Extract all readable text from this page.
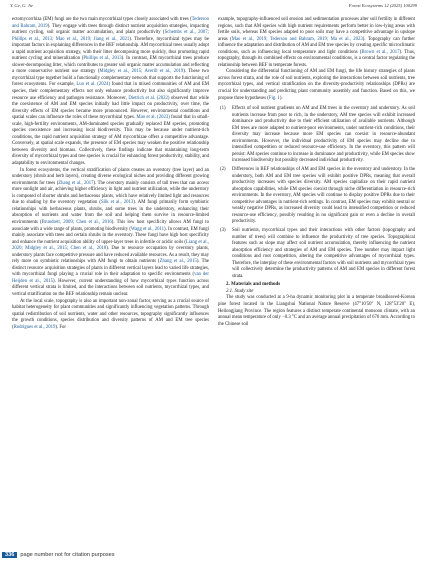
Y. Ge, G. Jie	Forest Ecosystems 12 (2025) 100299

ectomycorrhiza (EM) fungi are the two main mycorrhizal types closely associated with trees (Tedersoo and Bahram, 2019). They engage with trees through distinct nutrient acquisition strategies, impacting nutrient cycling, soil organic matter accumulation, and plant productivity (Schembs et al., 2007; Phillips et al., 2013; Mao et al., 2019; Jiang et al., 2021). Therefore, mycorrhizal types may be important factors in explaining differences in the BEF relationship. AM mycorrhizal trees usually adopt a rapid nutrient acquisition strategy, with their litter decomposing more quickly, thus promoting rapid nutrient cycling and mineralization (Phillips et al., 2013). In contrast, EM mycorrhizal trees produce slower-decomposing litter, which contributes to greater soil organic matter accumulation and reflecting a more conservative nutrient use strategy (Midgley et al., 2015; Averill et al., 2019). These two mycorrhizal type together build a functionally complementary network that supports the functioning of forest ecosystems. For example, Luo et al. (2024) found that in mixed communities of AM and EM species, their complementary effects not only enhance productivity but also significantly improve resource use efficiency and pathogen resistance. Moreover, Dietrich et al. (2022) observed that while the coexistence of AM and EM species initially had little impact on productivity, over time, the diversity effects of EM species became more pronounced. However, environmental conditions and spatial scales can influence the roles of these mycorrhizal types. Mao et al. (2023) found that in small-scale, high-fertility environments, AM-dominated species gradually replaced EM species, promoting species coexistence and increasing local biodiversity. This may be because under nutrient-rich conditions, the rapid nutrient acquisition strategy of AM mycorrhizae offers a competitive advantage. Conversely, at spatial scale expands, the presence of EM species may weaken the positive relationship between diversity and biomass. Collectively, these findings indicate that maintaining long-term diversity of mycorrhizal types and tree species is crucial for enhancing forest productivity, stability, and adaptability to environmental changes.

In forest ecosystems, the vertical stratification of plants creates an overstory (tree layer) and an understory (shrub and herb layers), creating diverse ecological niches and providing different growing environments for trees (Zhang et al., 2017). The overstory mainly consists of tall trees that can access more sunlight and air, achieving higher efficiency in light and nutrient utilization, while the understory is composed of shorter shrubs and herbaceous plants, which have relatively limited light and resources due to shading by the overstory vegetation (Silk et al., 2013). AM fungi primarily form symbiotic relationships with herbaceous plants, shrubs, and some trees in the understory, enhancing their absorption of nutrients and water from the soil and helping them survive in resource-limited environments (Brundrett, 2009; Chen et al., 2016). This low host specificity allows AM fungi to associate with a wide range of plants, promoting biodiversity (Wagg et al., 2011). In contrast, EM fungi mainly associate with trees and certain shrubs in the overstory. These fungi have high host specificity and enhance the nutrient acquisition ability of upper-layer trees in infertile or acidic soils (Liang et al., 2020; Midgley et al., 2015; Chen et al., 2018). Due to resource occupation by overstory plants, understory plants face competitive pressure and have reduced available resources. As a result, they may rely more on symbiotic relationships with AM fungi to obtain nutrients (Zhang et al., 2015). The distinct resource acquisition strategies of plants in different vertical layers lead to varied life strategies, with mycorrhizal fungi playing a crucial role in their adaptation to specific environments (van der Heijden et al., 2015). However, current understanding of how mycorrhizal types function across different vertical strata is limited, and the interactions between soil nutrients, mycorrhizal types, and vertical stratification on the BEF relationship remain unclear.

At the local scale, topography is also an important non-zonal factor, serving as a crucial source of habitat heterogeneity for plant communities and significantly influencing vegetation patterns. Through spatial redistribution of soil nutrients, water and other resources, topography significantly influences the growth conditions, species distribution and diversity patterns of AM and EM tree species (Rodrigues et al., 2019). For

example, topography-influenced soil erosion and sedimentation processes alter soil fertility in different regions, such that AM species with high nutrient requirements perform better in low-lying areas with fertile soils, whereas EM species adapted to poor soils may have a competitive advantage in upslope areas (Mao et al., 2019; Tedersoo and Bahram, 2019; Ma et al., 2023). Topography can further influence the adaptation and distribution of AM and EM tree species by creating specific microclimatic conditions, such as influencing local temperature and light conditions (Brown et al., 2017). Thus, topography, through its combined effects on environmental conditions, is a central factor regulating the relationship between BEF in temperate forests.

Considering the differential functioning of AM and EM fungi, the life history strategies of plants across forest strata, and the role of soil nutrients, exploring the interactions between soil nutrients, tree mycorrhizal types, and vertical stratification on the diversity-productivity relationships (DPRs) are crucial for understanding and predicting plant community assembly and function. Based on this, we propose three hypotheses (Fig. 1).

(1) Effects of soil nutrient gradients on AM and EM trees in the overstory and understory. As soil nutrients increase from poor to rich, in the understory, AM tree species will exhibit increased dominance and productivity due to their efficient utilization of available nutrients. Although EM trees are more adapted to nutrient-poor environments, under nutrient-rich conditions, their diversity may increase because more EM species can coexist in resource-abundant environments. However, the individual productivity of EM species may decline due to intensified competition or reduced resource-use efficiency. In the overstory, this pattern will persist: AM species continue to increase in dominance and productivity, while EM species show increased biodiversity but possibly decreased individual productivity.
(2) Differences in BEF relationships of AM and EM species in the overstory and understory. In the understory, both AM and EM tree species will exhibit positive DPRs, meaning that overall productivity increases with species diversity. AM species capitalize on their rapid nutrient absorption capabilities, while EM species coexist through niche differentiation in resource-rich environments. In the overstory, AM species will continue to display positive DPRs due to their competitive advantages in nutrient-rich settings. In contrast, EM species may exhibit neutral or weakly negative DPRs, as increased diversity could lead to intensified competition or reduced resource-use efficiency, possibly resulting in no significant gain or even a decline in overall productivity.
(3) Soil nutrients, mycorrhizal types and their interactions with other factors (topography and number of trees) will combine to influence the productivity of tree species. Topographical features such as slope may affect soil nutrient accumulation, thereby influencing the nutrient absorption efficiency and strategies of AM and EM species. Tree number may impact light conditions and root competition, altering the competitive advantages of mycorrhizal types. Therefore, the interplay of these environmental factors with soil nutrients and mycorrhizal types will collectively determine the productivity patterns of AM and EM species in different forest strata.

2. Materials and methods

2.1. Study site

The study was conducted at a 9-ha dynamic monitoring plot in a temperate broadleaved-Korean pine forest located in the Liangshui National Nature Reserve (47°10′50″ N, 128°53′20″ E), Heilongjiang Province. The region features a distinct temperate continental monsoon climate, with an annual mean temperature of only −0.3 °C and an average annual precipitation of 676 mm. According to the Chinese soil

336	page number not for citation purposes
